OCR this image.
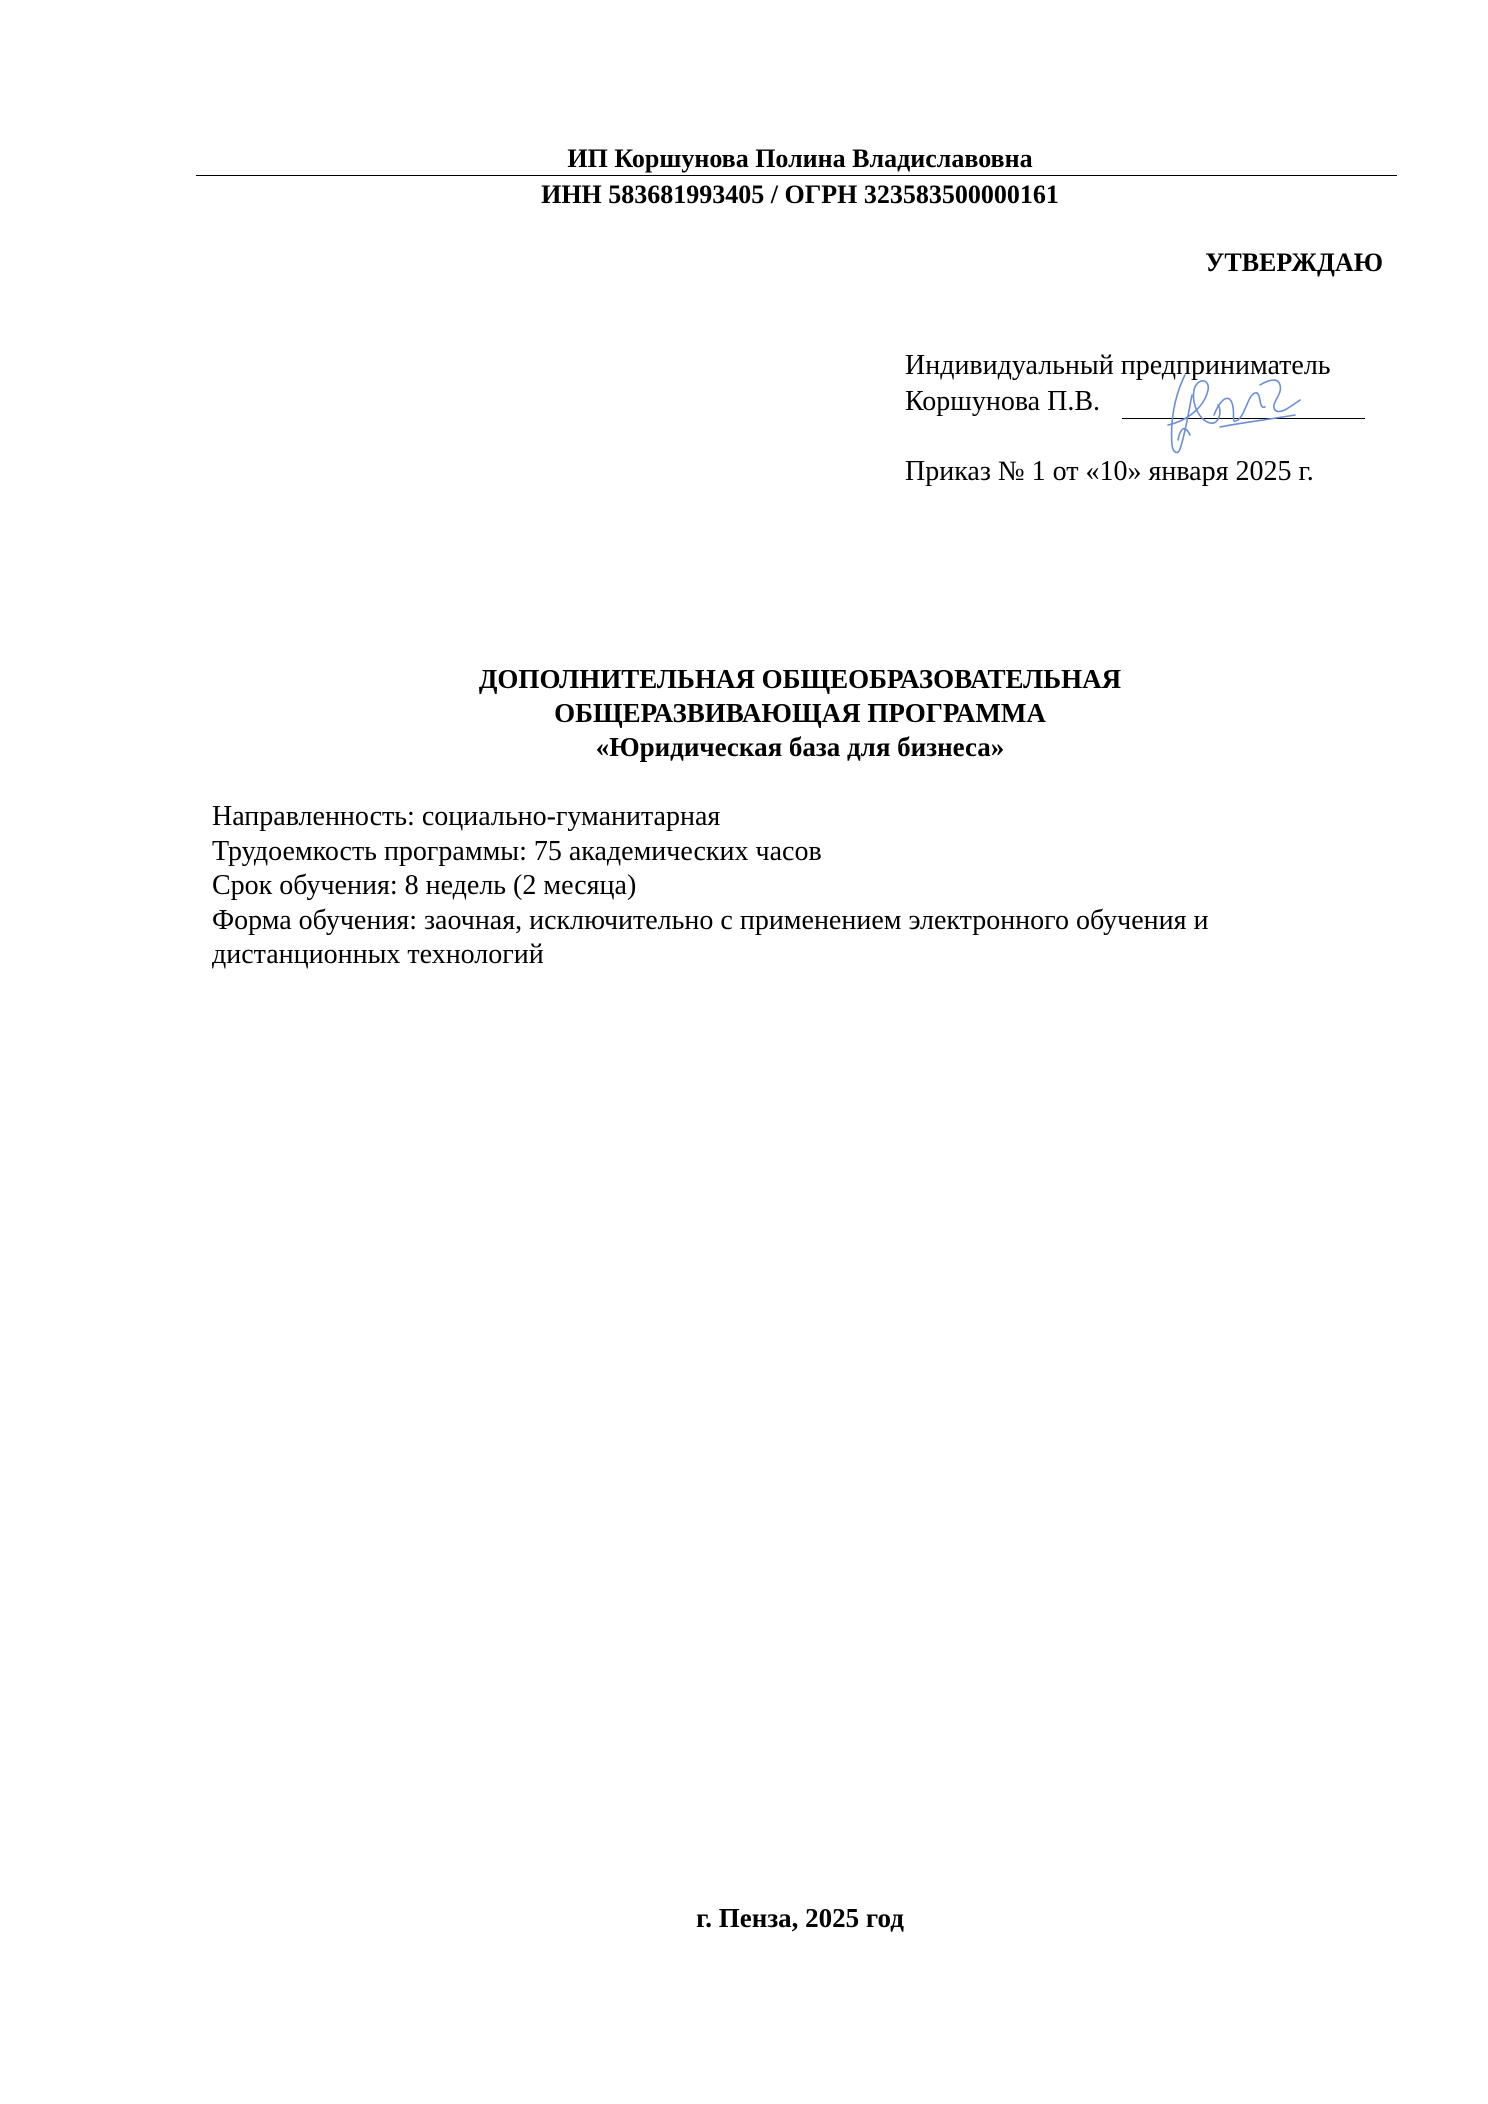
ИП Коршунова Полина Владиславовна
ИНН 583681993405 / ОГРН 323583500000161
УТВЕРЖДАЮ
Индивидуальный предприниматель
Коршунова П.В.
Приказ № 1 от «10» января 2025 г.
ДОПОЛНИТЕЛЬНАЯ ОБЩЕОБРАЗОВАТЕЛЬНАЯ
ОБЩЕРАЗВИВАЮЩАЯ ПРОГРАММА
«Юридическая база для бизнеса»
Направленность: социально-гуманитарная
Трудоемкость программы: 75 академических часов
Срок обучения: 8 недель (2 месяца)
Форма обучения: заочная, исключительно с применением электронного обучения и дистанционных технологий
г. Пенза, 2025 год
